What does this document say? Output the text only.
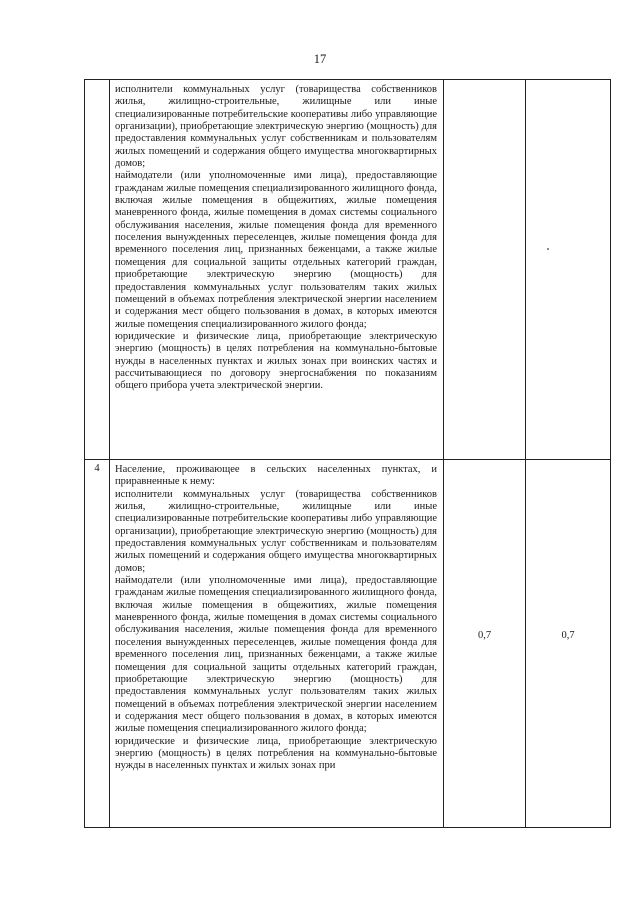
17

	исполнители коммунальных услуг (товарищества собственников жилья, жилищно-строительные, жилищные или иные специализированные потребительские кооперативы либо управляющие организации), приобретающие электрическую энергию (мощность) для предоставления коммунальных услуг собственникам и пользователям жилых помещений и содержания общего имущества многоквартирных домов;

наймодатели (или уполномоченные ими лица), предоставляющие гражданам жилые помещения специализированного жилищного фонда, включая жилые помещения в общежитиях, жилые помещения маневренного фонда, жилые помещения в домах системы социального обслуживания населения, жилые помещения фонда для временного поселения вынужденных переселенцев, жилые помещения фонда для временного поселения лиц, признанных беженцами, а также жилые помещения для социальной защиты отдельных категорий граждан, приобретающие электрическую энергию (мощность) для предоставления коммунальных услуг пользователям таких жилых помещений в объемах потребления электрической энергии населением и содержания мест общего пользования в домах, в которых имеются жилые помещения специализированного жилого фонда;

юридические и физические лица, приобретающие электрическую энергию (мощность) в целях потребления на коммунально-бытовые нужды в населенных пунктах и жилых зонах при воинских частях и рассчитывающиеся по договору энергоснабжения по показаниям общего прибора учета электрической энергии.		

4	Население, проживающее в сельских населенных пунктах, и приравненные к нему:

исполнители коммунальных услуг (товарищества собственников жилья, жилищно-строительные, жилищные или иные специализированные потребительские кооперативы либо управляющие организации), приобретающие электрическую энергию (мощность) для предоставления коммунальных услуг собственникам и пользователям жилых помещений и содержания общего имущества многоквартирных домов;

наймодатели (или уполномоченные ими лица), предоставляющие гражданам жилые помещения специализированного жилищного фонда, включая жилые помещения в общежитиях, жилые помещения маневренного фонда, жилые помещения в домах системы социального обслуживания населения, жилые помещения фонда для временного поселения вынужденных переселенцев, жилые помещения фонда для временного поселения лиц, признанных беженцами, а также жилые помещения для социальной защиты отдельных категорий граждан, приобретающие электрическую энергию (мощность) для предоставления коммунальных услуг пользователям таких жилых помещений в объемах потребления электрической энергии населением и содержания мест общего пользования в домах, в которых имеются жилые помещения специализированного жилого фонда;

юридические и физические лица, приобретающие электрическую энергию (мощность) в целях потребления на коммунально-бытовые нужды в населенных пунктах и жилых зонах при	0,7	0,7
